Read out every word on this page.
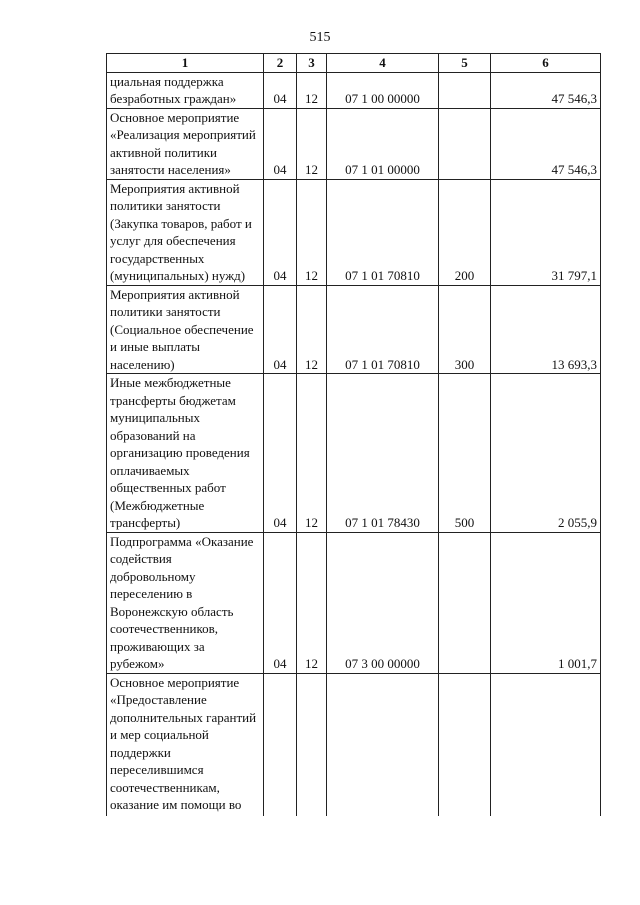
515
1	2	3	4	5	6
циальная поддержка безработных граждан»	04	12	07 1 00 00000		47 546,3
Основное мероприятие «Реализация мероприятий активной политики занятости населения»	04	12	07 1 01 00000		47 546,3
Мероприятия активной политики занятости (Закупка товаров, работ и услуг для обеспечения государственных (муниципальных) нужд)	04	12	07 1 01 70810	200	31 797,1
Мероприятия активной политики занятости (Социальное обеспечение и иные выплаты населению)	04	12	07 1 01 70810	300	13 693,3
Иные межбюджетные трансферты бюджетам муниципальных образований на организацию проведения оплачиваемых общественных работ (Межбюджетные трансферты)	04	12	07 1 01 78430	500	2 055,9
Подпрограмма «Оказание содействия добровольному переселению в Воронежскую область соотечественников, проживающих за рубежом»	04	12	07 3 00 00000		1 001,7
Основное мероприятие «Предоставление дополнительных гарантий и мер социальной поддержки переселившимся соотечественникам, оказание им помощи во					
